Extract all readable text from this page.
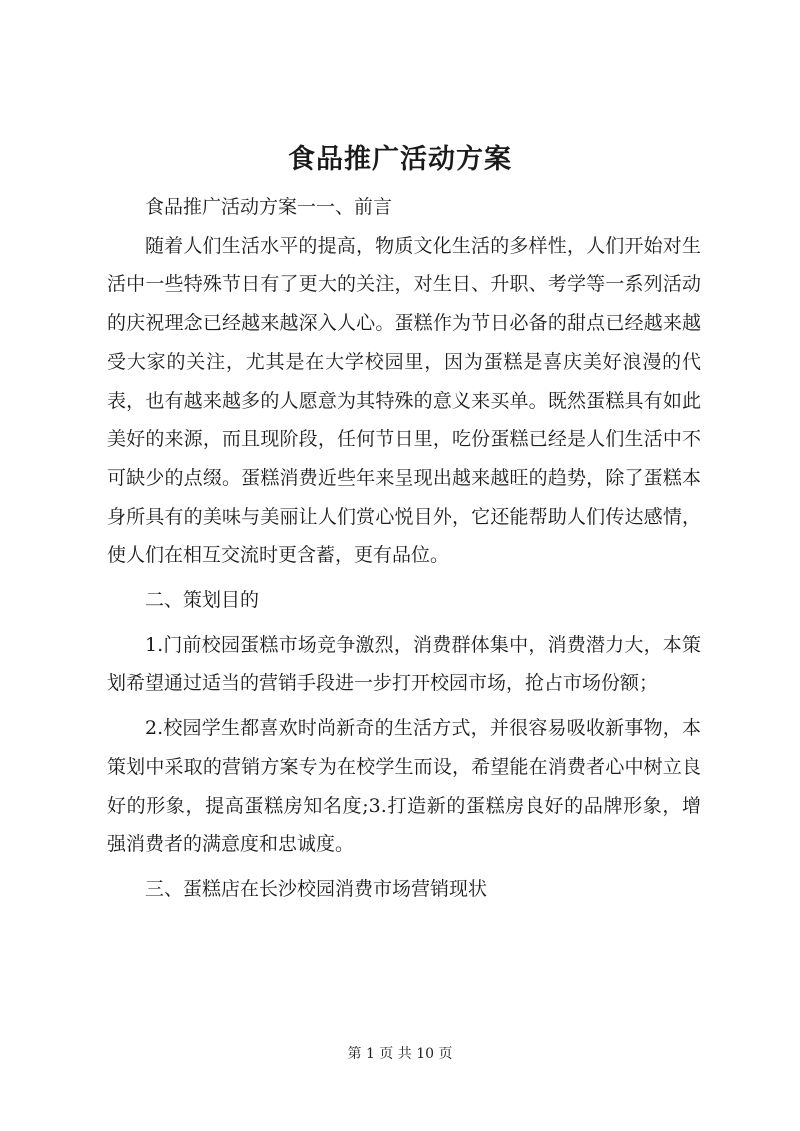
食品推广活动方案

食品推广活动方案一一、前言

随着人们生活水平的提高，物质文化生活的多样性，人们开始对生活中一些特殊节日有了更大的关注，对生日、升职、考学等一系列活动的庆祝理念已经越来越深入人心。蛋糕作为节日必备的甜点已经越来越受大家的关注，尤其是在大学校园里，因为蛋糕是喜庆美好浪漫的代表，也有越来越多的人愿意为其特殊的意义来买单。既然蛋糕具有如此美好的来源，而且现阶段，任何节日里，吃份蛋糕已经是人们生活中不可缺少的点缀。蛋糕消费近些年来呈现出越来越旺的趋势，除了蛋糕本身所具有的美味与美丽让人们赏心悦目外，它还能帮助人们传达感情，使人们在相互交流时更含蓄，更有品位。

二、策划目的

1.门前校园蛋糕市场竞争激烈，消费群体集中，消费潜力大，本策划希望通过适当的营销手段进一步打开校园市场，抢占市场份额；

2.校园学生都喜欢时尚新奇的生活方式，并很容易吸收新事物，本策划中采取的营销方案专为在校学生而设，希望能在消费者心中树立良好的形象，提高蛋糕房知名度;3.打造新的蛋糕房良好的品牌形象，增强消费者的满意度和忠诚度。

三、蛋糕店在长沙校园消费市场营销现状

第 1 页 共 10 页
